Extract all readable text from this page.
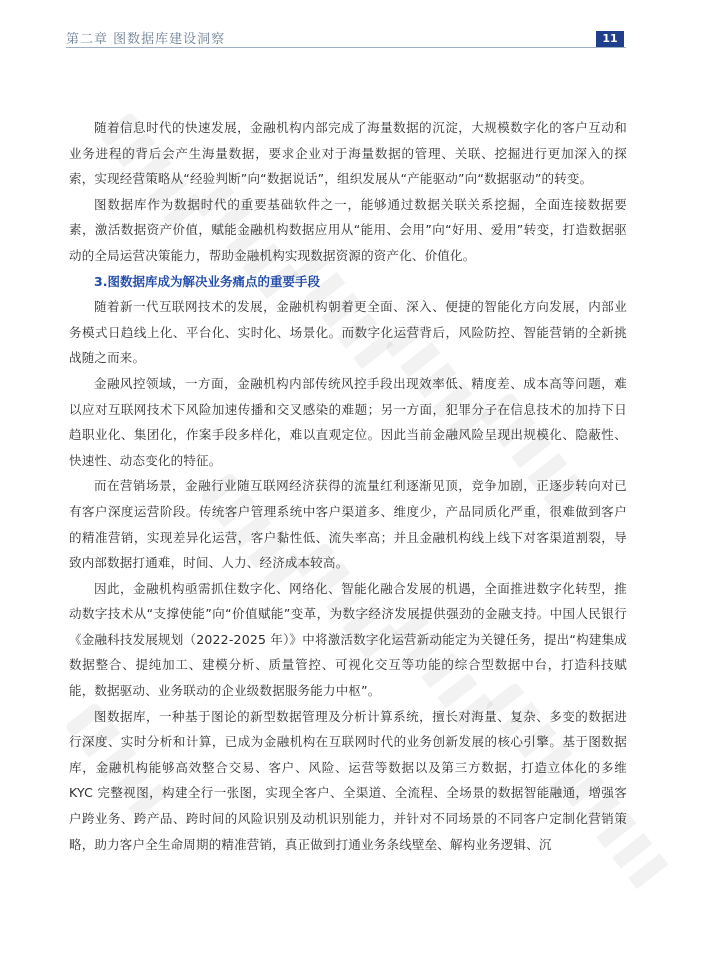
第二章 图数据库建设洞察	11

随着信息时代的快速发展，金融机构内部完成了海量数据的沉淀，大规模数字化的客户互动和业务进程的背后会产生海量数据，要求企业对于海量数据的管理、关联、挖掘进行更加深入的探索，实现经营策略从“经验判断”向“数据说话”，组织发展从“产能驱动”向“数据驱动”的转变。

图数据库作为数据时代的重要基础软件之一，能够通过数据关联关系挖掘，全面连接数据要素，激活数据资产价值，赋能金融机构数据应用从“能用、会用”向“好用、爱用”转变，打造数据驱动的全局运营决策能力，帮助金融机构实现数据资源的资产化、价值化。

3.图数据库成为解决业务痛点的重要手段

随着新一代互联网技术的发展，金融机构朝着更全面、深入、便捷的智能化方向发展，内部业务模式日趋线上化、平台化、实时化、场景化。而数字化运营背后，风险防控、智能营销的全新挑战随之而来。

金融风控领域，一方面，金融机构内部传统风控手段出现效率低、精度差、成本高等问题，难以应对互联网技术下风险加速传播和交叉感染的难题；另一方面，犯罪分子在信息技术的加持下日趋职业化、集团化，作案手段多样化，难以直观定位。因此当前金融风险呈现出规模化、隐蔽性、快速性、动态变化的特征。

而在营销场景，金融行业随互联网经济获得的流量红利逐渐见顶，竞争加剧，正逐步转向对已有客户深度运营阶段。传统客户管理系统中客户渠道多、维度少，产品同质化严重，很难做到客户的精准营销，实现差异化运营，客户黏性低、流失率高；并且金融机构线上线下对客渠道割裂，导致内部数据打通难，时间、人力、经济成本较高。

因此，金融机构亟需抓住数字化、网络化、智能化融合发展的机遇，全面推进数字化转型，推动数字技术从“支撑使能”向“价值赋能”变革，为数字经济发展提供强劲的金融支持。中国人民银行《金融科技发展规划（2022-2025 年）》中将激活数字化运营新动能定为关键任务，提出“构建集成数据整合、提纯加工、建模分析、质量管控、可视化交互等功能的综合型数据中台，打造科技赋能，数据驱动、业务联动的企业级数据服务能力中枢”。

图数据库，一种基于图论的新型数据管理及分析计算系统，擅长对海量、复杂、多变的数据进行深度、实时分析和计算，已成为金融机构在互联网时代的业务创新发展的核心引擎。基于图数据库，金融机构能够高效整合交易、客户、风险、运营等数据以及第三方数据，打造立体化的多维 KYC 完整视图，构建全行一张图，实现全客户、全渠道、全流程、全场景的数据智能融通，增强客户跨业务、跨产品、跨时间的风险识别及动机识别能力，并针对不同场景的不同客户定制化营销策略，助力客户全生命周期的精准营销，真正做到打通业务条线壁垒、解构业务逻辑、沉
